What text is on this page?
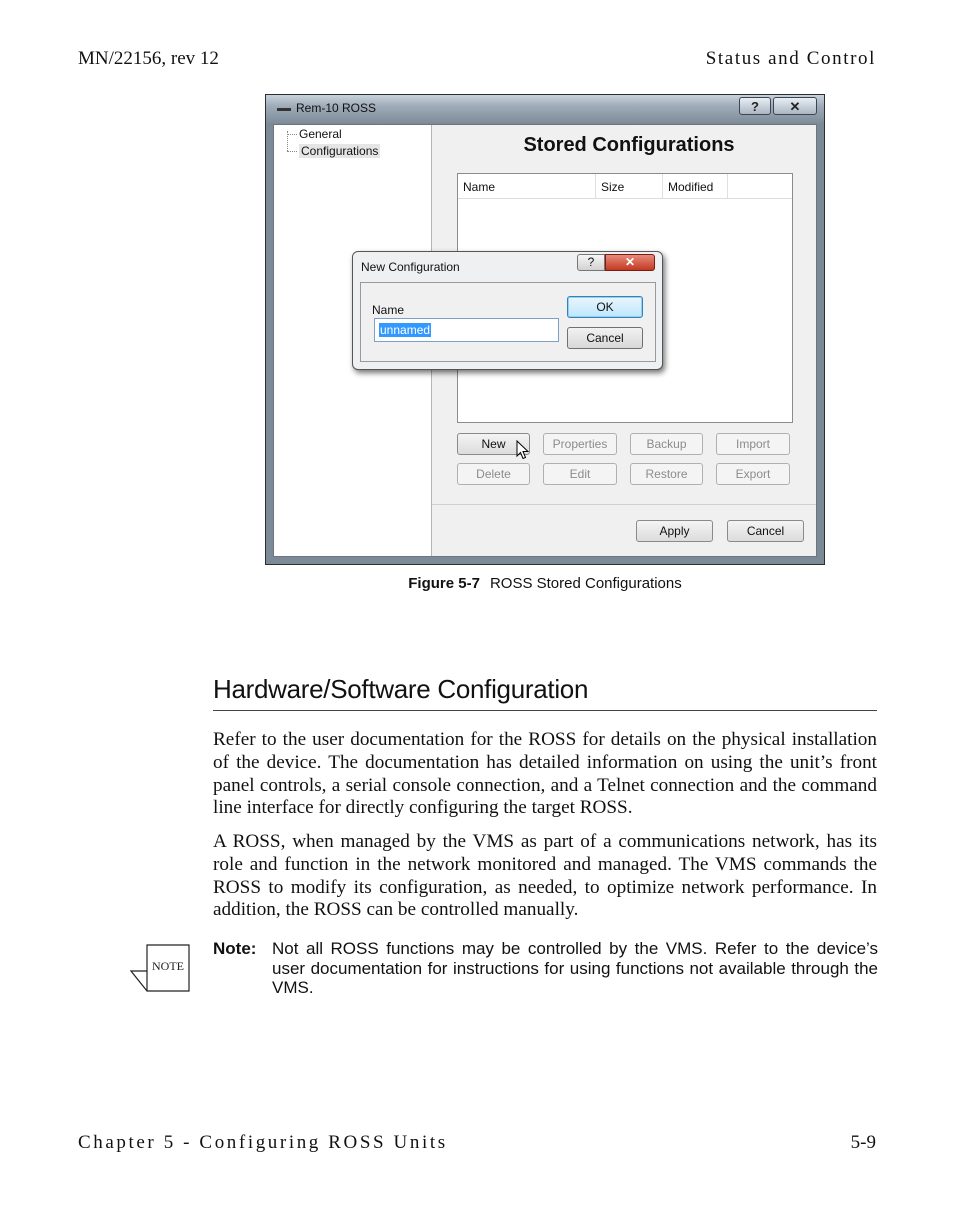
MN/22156, rev 12	Status and Control
Rem-10 ROSS	?	✕
General
Configurations	Stored Configurations
Name	Size	Modified
New	Properties	Backup	Import
Delete	Edit	Restore	Export
Apply	Cancel
New Configuration	?	✕
Name
unnamed
OK
Cancel
Figure 5-7 ROSS Stored Configurations
Hardware/Software Configuration
Refer to the user documentation for the ROSS for details on the physical installation of the device. The documentation has detailed information on using the unit’s front panel controls, a serial console connection, and a Telnet connection and the command line interface for directly configuring the target ROSS.
A ROSS, when managed by the VMS as part of a communications network, has its role and function in the network monitored and managed. The VMS commands the ROSS to modify its configuration, as needed, to optimize network performance. In addition, the ROSS can be controlled manually.
NOTE
Note: Not all ROSS functions may be controlled by the VMS. Refer to the device’s user documentation for instructions for using functions not available through the VMS.
Chapter 5 - Configuring ROSS Units	5-9
